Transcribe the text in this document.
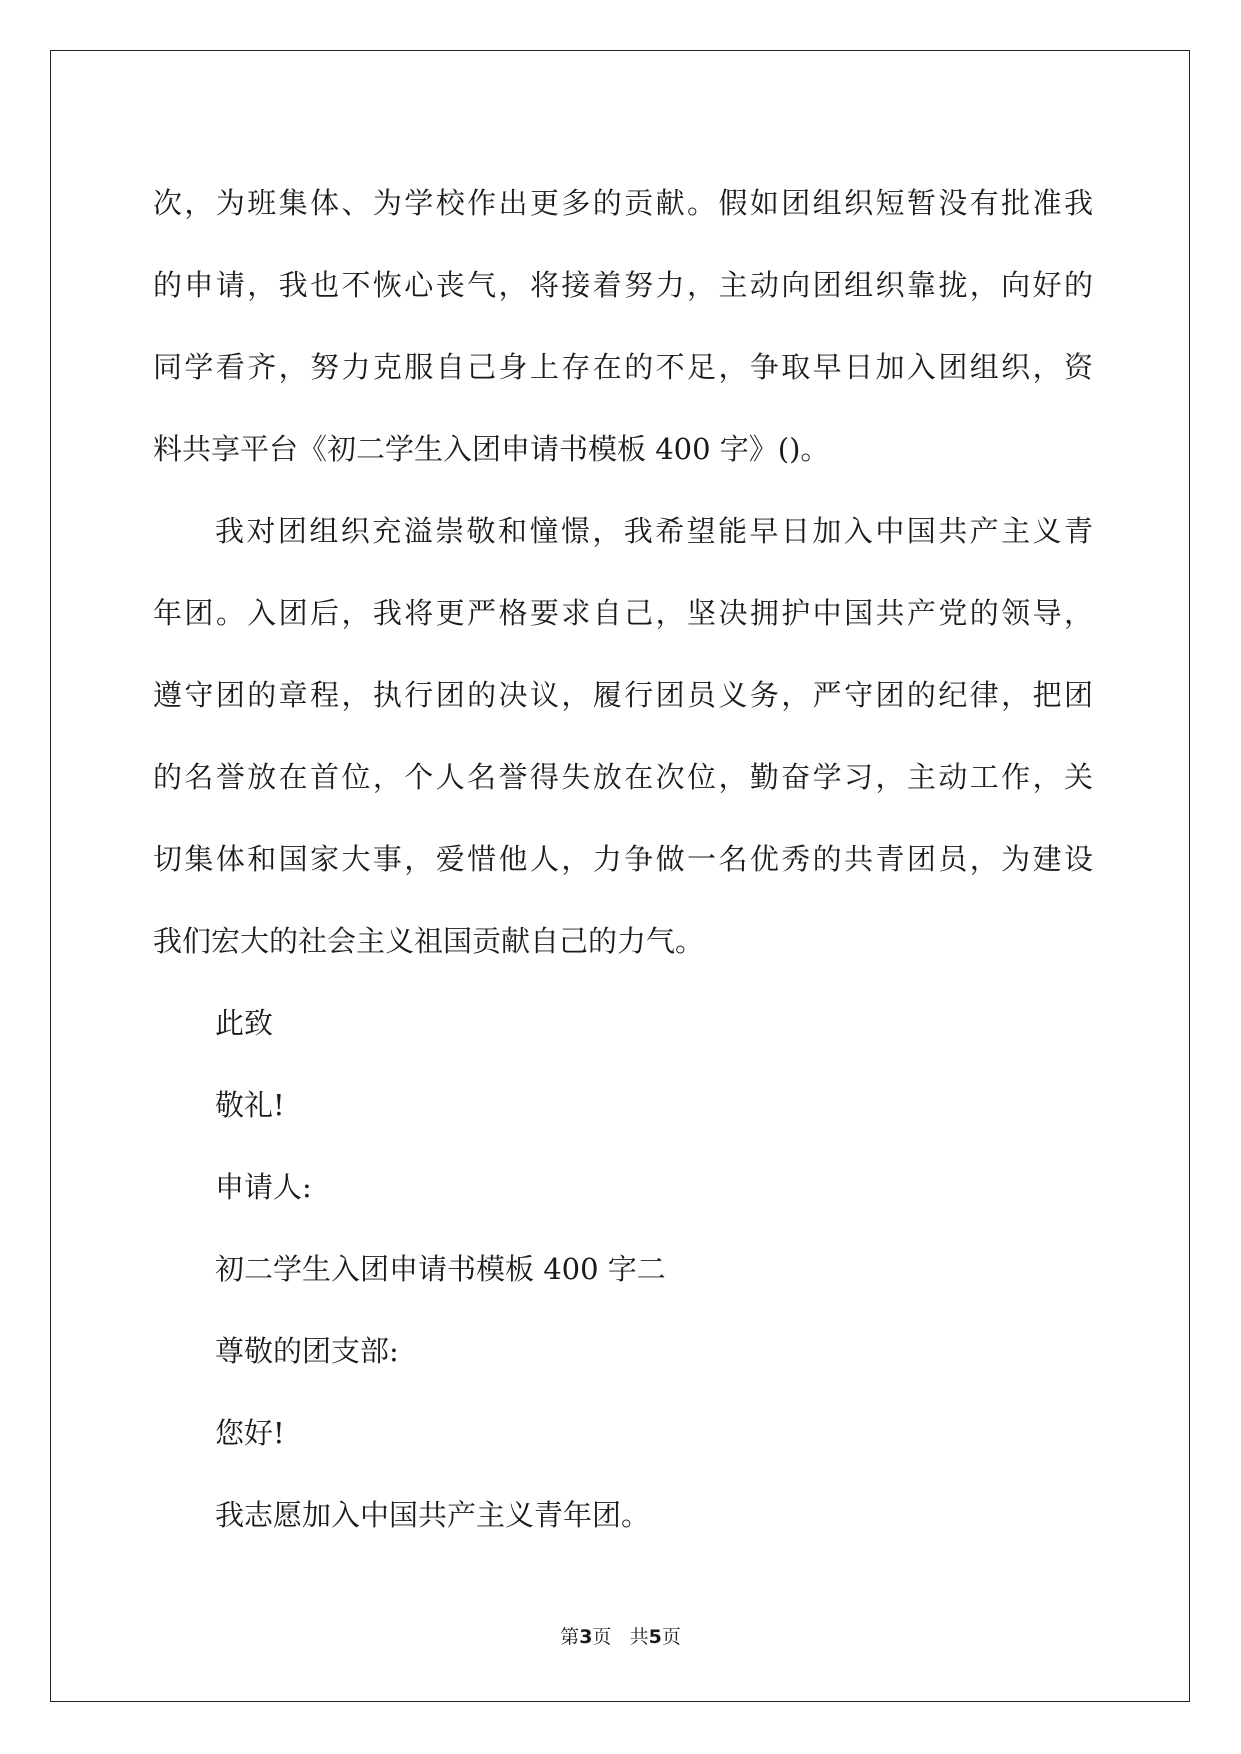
次，为班集体、为学校作出更多的贡献。假如团组织短暂没有批准我
的申请，我也不恢心丧气，将接着努力，主动向团组织靠拢，向好的
同学看齐，努力克服自己身上存在的不足，争取早日加入团组织，资
料共享平台《初二学生入团申请书模板 400 字》()。
我对团组织充溢崇敬和憧憬，我希望能早日加入中国共产主义青
年团。入团后，我将更严格要求自己，坚决拥护中国共产党的领导，
遵守团的章程，执行团的决议，履行团员义务，严守团的纪律，把团
的名誉放在首位，个人名誉得失放在次位，勤奋学习，主动工作，关
切集体和国家大事，爱惜他人，力争做一名优秀的共青团员，为建设
我们宏大的社会主义祖国贡献自己的力气。
此致
敬礼!
申请人:
初二学生入团申请书模板 400 字二
尊敬的团支部:
您好!
我志愿加入中国共产主义青年团。
第3页 共5页
